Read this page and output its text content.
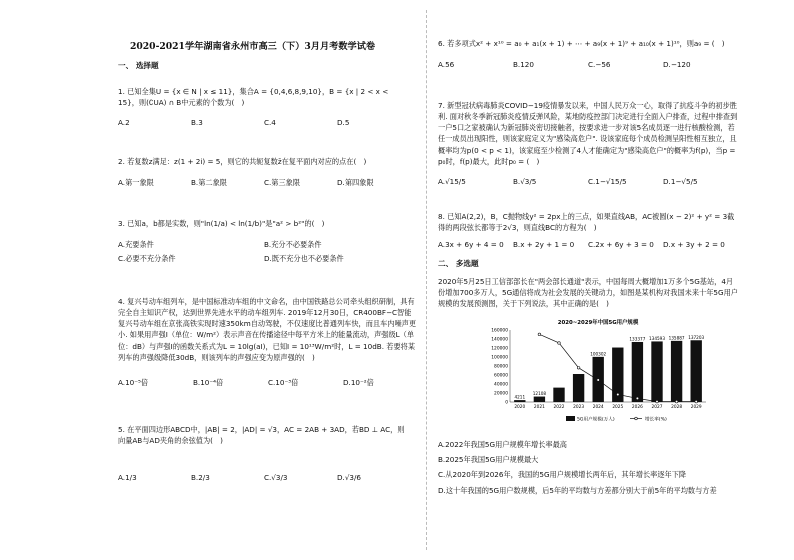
2020-2021学年湖南省永州市高三（下）3月月考数学试卷
一、 选择题
1. 已知全集U = {x ∈ N | x ≤ 11}，集合A = {0,4,6,8,9,10}，B = {x | 2 < x < 15}，则(∁UA) ∩ B中元素的个数为(　)
A.2	B.3	C.4	D.5
2. 若复数z满足：z(1 + 2i) = 5，则它的共轭复数z̄在复平面内对应的点在(　)
A.第一象限	B.第二象限	C.第三象限	D.第四象限
3. 已知a，b都是实数，则"ln(1/a) < ln(1/b)"是"a² > b²"的(　)
A.充要条件	B.充分不必要条件
C.必要不充分条件	D.既不充分也不必要条件
4. 复兴号动车组列车，是中国标准动车组的中文命名，由中国铁路总公司牵头组织研制，具有完全自主知识产权，达到世界先进水平的动车组列车. 2019年12月30日，CR400BF−C智能复兴号动车组在京张高铁实现时速350km自动驾驶，不仅速度比普通列车快，而且车内噪声更小. 如果用声强I（单位：W/m²）表示声音在传播途径中每平方米上的能量流动，声强级L（单位：dB）与声强I的函数关系式为L = 10lg(aI)，已知I = 10¹³W/m²时，L = 10dB. 若要将某列车的声强级降低30dB，则该列车的声强应变为原声强的(　)
A.10⁻⁵倍	B.10⁻⁴倍	C.10⁻³倍	D.10⁻²倍
5. 在平面四边形ABCD中，|AB| = 2，|AD| = √3，AC = 2AB + 3AD，若BD ⊥ AC，则向量AB与AD夹角的余弦值为(　)
A.1/3	B.2/3	C.√3/3	D.√3/6
6. 若多项式x² + x¹⁰ = a₀ + a₁(x + 1) + ⋯ + a₉(x + 1)⁹ + a₁₀(x + 1)¹⁰，则a₉ = (　)
A.56	B.120	C.−56	D.−120
7. 新型冠状病毒肺炎COVID−19疫情暴发以来，中国人民万众一心，取得了抗疫斗争的初步胜利. 面对秋冬季新冠肺炎疫情反弹风险，某地防疫控部门决定进行全面入户排查，过程中排查到一户5口之家被确认为新冠肺炎密切接触者，按要求进一步对该5名成员逐一进行核酸检测，若任一成员出现阳性，则该家庭定义为"感染高危户". 设该家庭每个成员检测呈阳性相互独立，且概率均为p(0 < p < 1)，该家庭至少检测了4人才能确定为"感染高危户"的概率为f(p)，当p = p₀时，f(p)最大，此时p₀ = (　)
A.√15/5	B.√3/5	C.1−√15/5	D.1−√5/5
8. 已知A(2,2)，B，C抛物线y² = 2px上的三点，如果直线AB，AC被圆(x − 2)² + y² = 3截得的两段弦长都等于2√3，则直线BC的方程为(　)
A.3x + 6y + 4 = 0	B.x + 2y + 1 = 0	C.2x + 6y + 3 = 0	D.x + 3y + 2 = 0
二、 多选题
2020年5月25日工信部部长在"两会部长通道"表示，中国每周大概增加1万多个5G基站，4月份增加700多万人，5G通信将成为社会发展的关键动力，如图是某机构对我国未来十年5G用户规模的发展预测图，关于下列说法，其中正确的是(　)
2020~2029年中国5G用户规模
0
20000
40000
60000
80000
100000
120000
140000
160000
2020
4211
2021
12108
2022 2023 2024
100302
2025 2026
133377
2027
134593
2028
135887
2029
137203
5G用户规模(万人)	增长率(%)
A.2022年我国5G用户规模年增长率最高
B.2025年我国5G用户规模最大
C.从2020年到2026年，我国的5G用户规模增长两年后，其年增长率逐年下降
D.这十年我国的5G用户数规模，后5年的平均数与方差都分别大于前5年的平均数与方差
